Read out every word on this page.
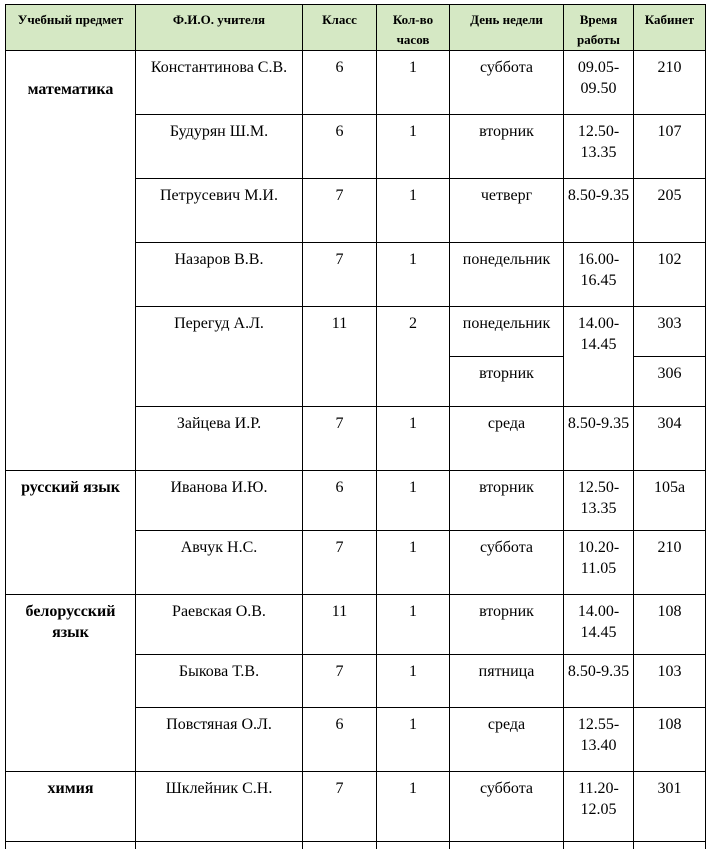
Учебный предмет	Ф.И.О. учителя	Класс	Кол-во часов	День недели	Время работы	Кабинет
математика	Константинова С.В.	6	1	суббота	09.05-09.50	210
	Будурян Ш.М.	6	1	вторник	12.50-13.35	107
	Петрусевич М.И.	7	1	четверг	8.50-9.35	205
	Назаров В.В.	7	1	понедельник	16.00-16.45	102
	Перегуд А.Л.	11	2	понедельник	14.00-14.45	303
				вторник		306
	Зайцева И.Р.	7	1	среда	8.50-9.35	304
русский язык	Иванова И.Ю.	6	1	вторник	12.50-13.35	105а
	Авчук Н.С.	7	1	суббота	10.20-11.05	210
белорусский язык	Раевская О.В.	11	1	вторник	14.00-14.45	108
	Быкова Т.В.	7	1	пятница	8.50-9.35	103
	Повстяная О.Л.	6	1	среда	12.55-13.40	108
химия	Шклейник С.Н.	7	1	суббота	11.20-12.05	301
